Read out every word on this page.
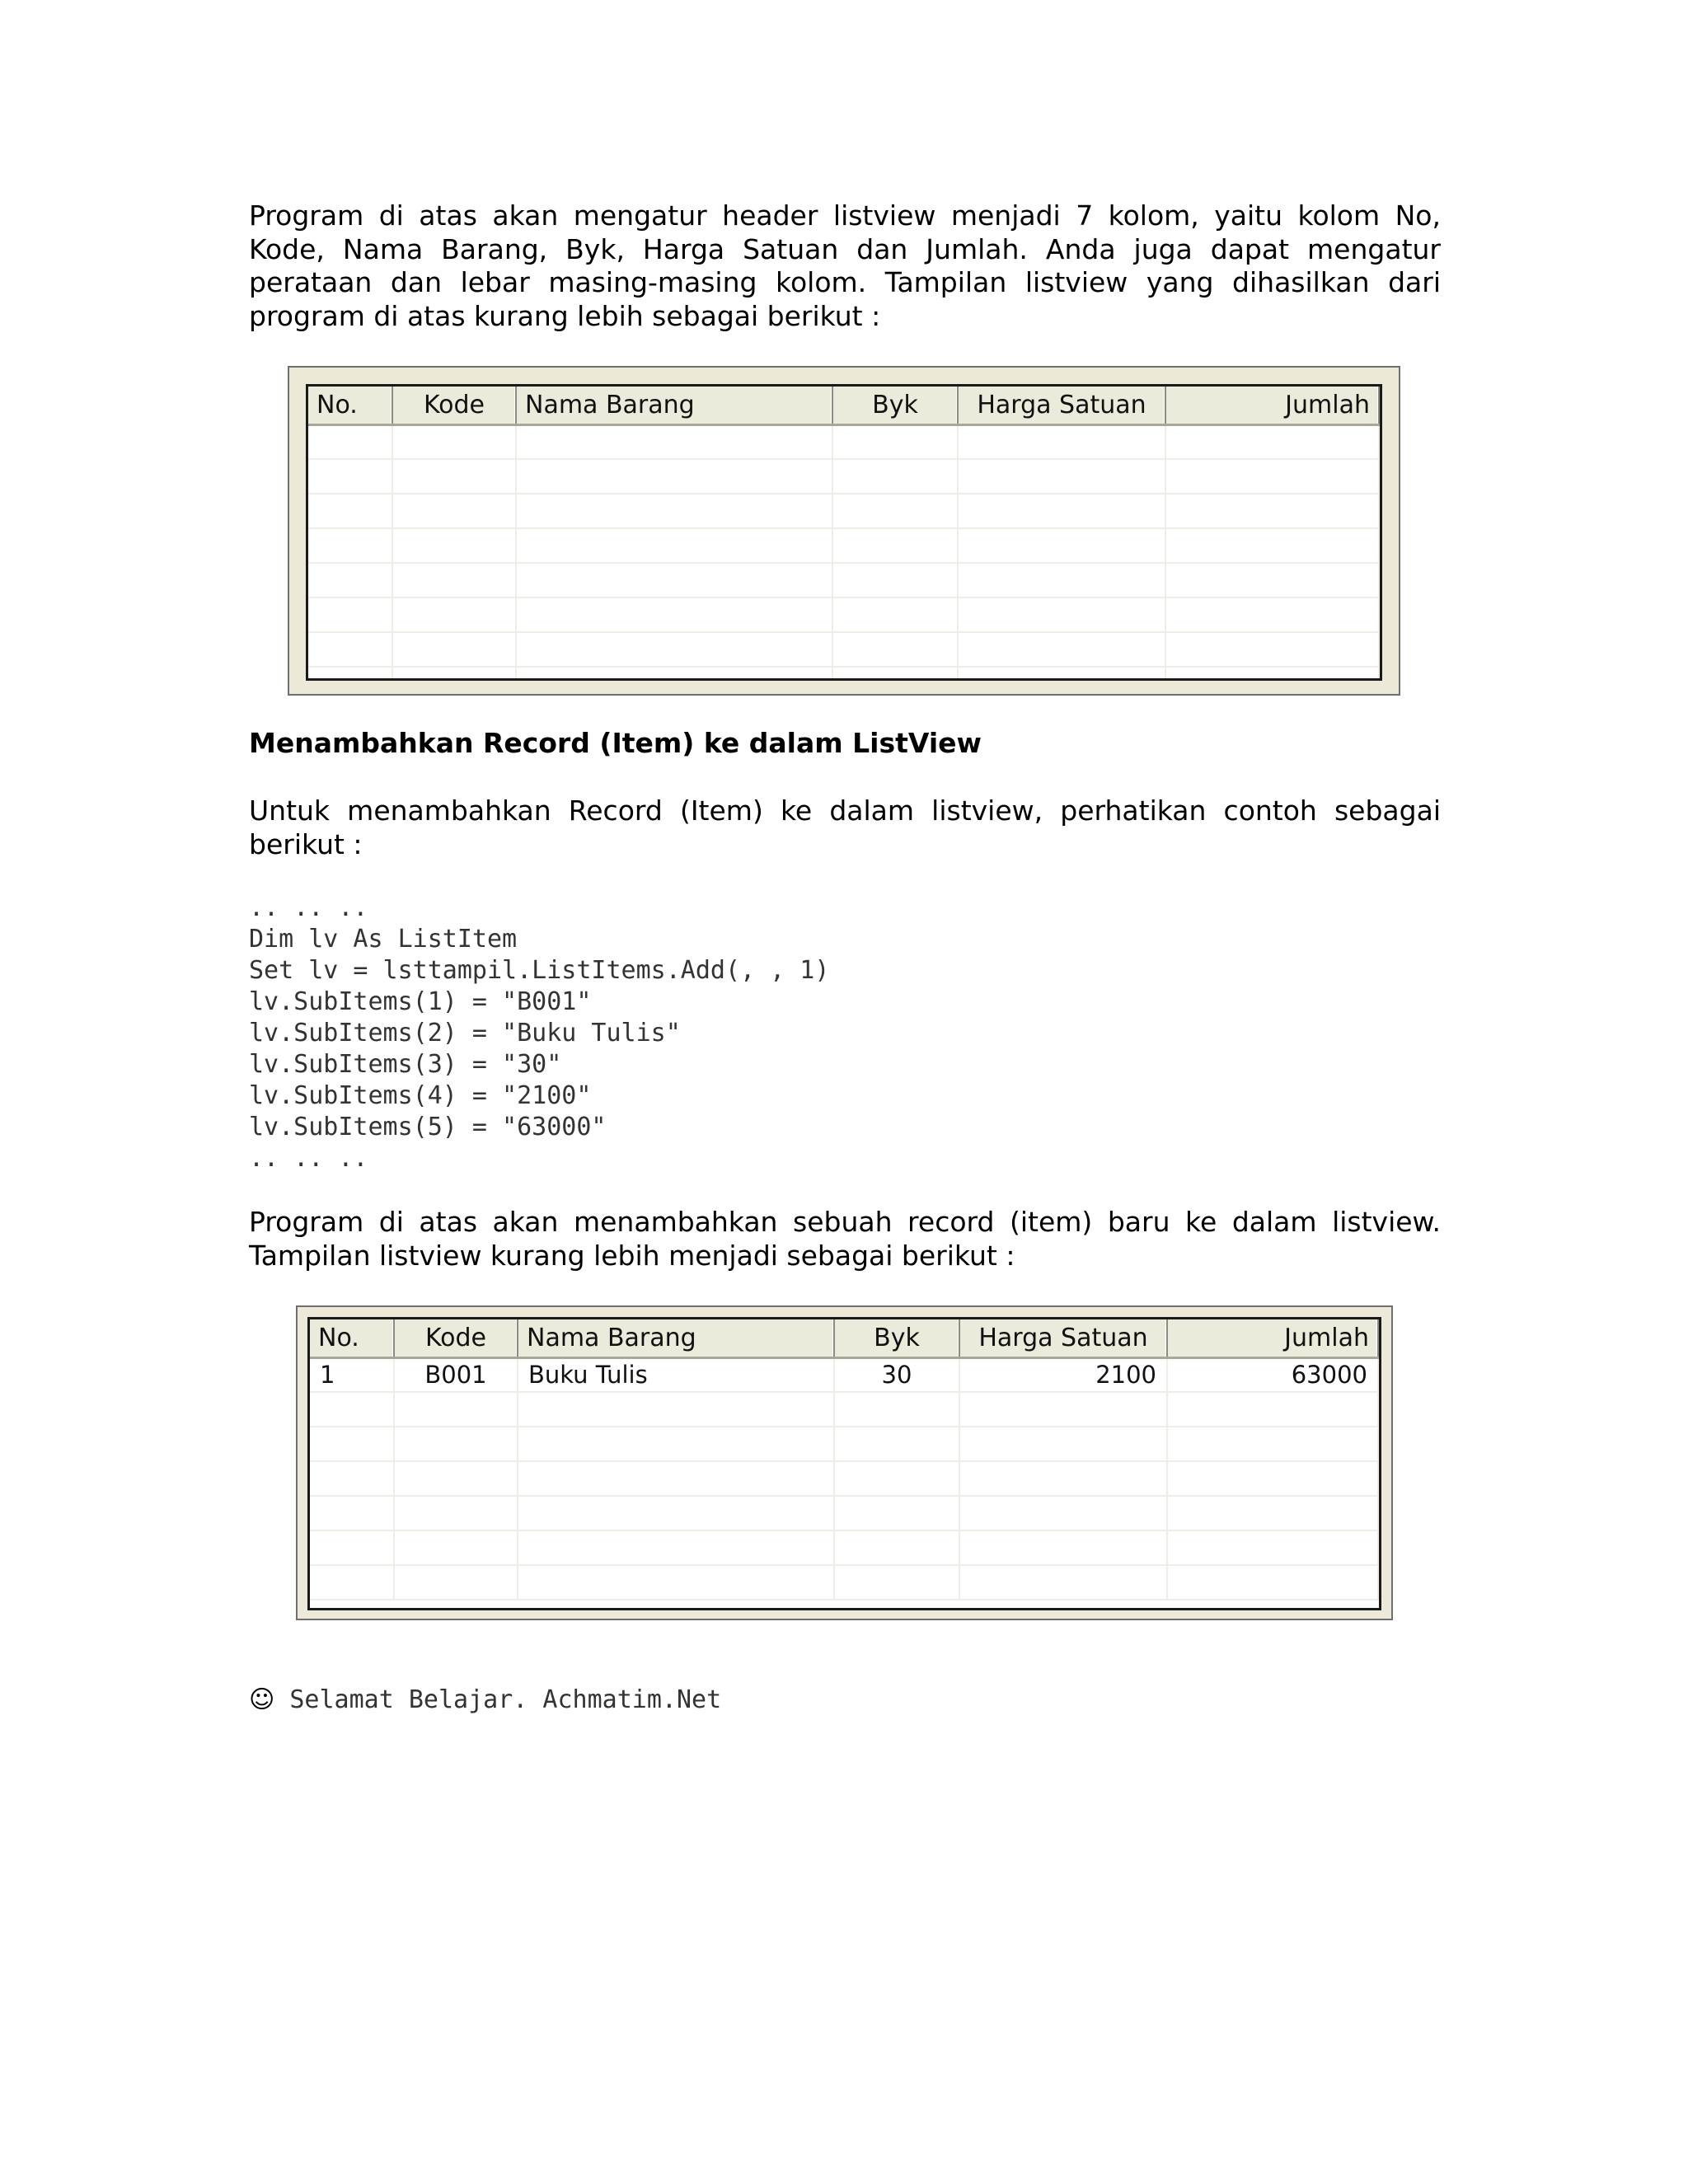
Program di atas akan mengatur header listview menjadi 7 kolom, yaitu kolom No,
Kode, Nama Barang, Byk, Harga Satuan dan Jumlah. Anda juga dapat mengatur
perataan dan lebar masing-masing kolom. Tampilan listview yang dihasilkan dari
program di atas kurang lebih sebagai berikut :

No.	Kode	Nama Barang	Byk	Harga Satuan	Jumlah

Menambahkan Record (Item) ke dalam ListView

Untuk menambahkan Record (Item) ke dalam listview, perhatikan contoh sebagai
berikut :

.. .. ..
Dim lv As ListItem
Set lv = lsttampil.ListItems.Add(, , 1)
lv.SubItems(1) = "B001"
lv.SubItems(2) = "Buku Tulis"
lv.SubItems(3) = "30"
lv.SubItems(4) = "2100"
lv.SubItems(5) = "63000"
.. .. ..

Program di atas akan menambahkan sebuah record (item) baru ke dalam listview.
Tampilan listview kurang lebih menjadi sebagai berikut :

No.	Kode	Nama Barang	Byk	Harga Satuan	Jumlah
1	B001	Buku Tulis	30	2100	63000

☺ Selamat Belajar. Achmatim.Net
